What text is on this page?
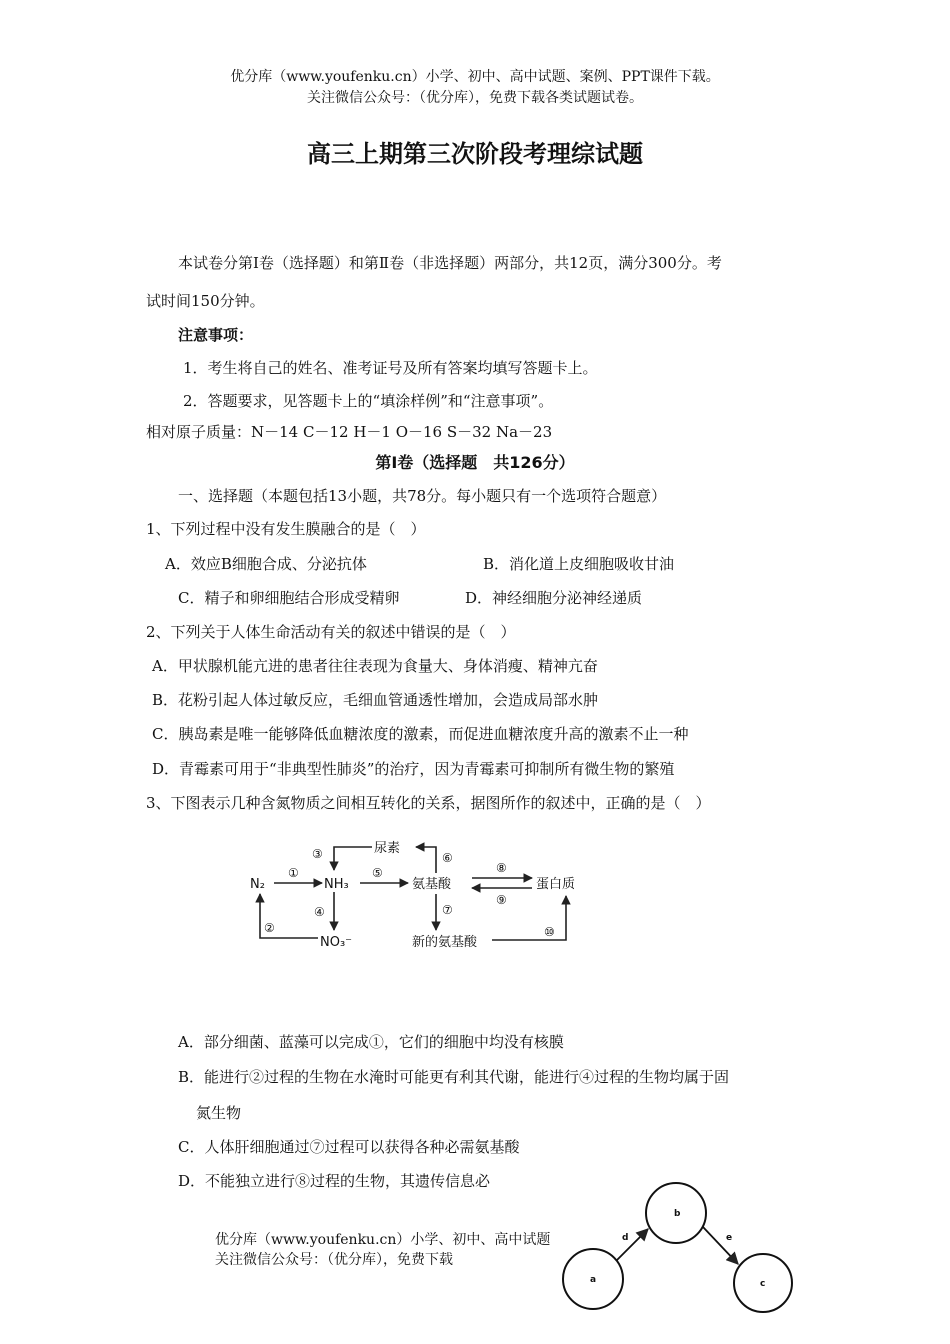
优分库（www.youfenku.cn）小学、初中、高中试题、案例、PPT课件下载。
关注微信公众号：（优分库），免费下载各类试题试卷。
高三上期第三次阶段考理综试题
本试卷分第Ⅰ卷（选择题）和第Ⅱ卷（非选择题）两部分，共12页，满分300分。考
试时间150分钟。
注意事项：
1．考生将自己的姓名、准考证号及所有答案均填写答题卡上。
2．答题要求，见答题卡上的“填涂样例”和“注意事项”。
相对原子质量：N－14 C－12 H－1 O－16 S－32 Na－23
第Ⅰ卷（选择题　共126分）
一、选择题（本题包括13小题，共78分。每小题只有一个选项符合题意）
1、下列过程中没有发生膜融合的是（　）
A．效应B细胞合成、分泌抗体	B．消化道上皮细胞吸收甘油
C．精子和卵细胞结合形成受精卵	D．神经细胞分泌神经递质
2、下列关于人体生命活动有关的叙述中错误的是（　）
A．甲状腺机能亢进的患者往往表现为食量大、身体消瘦、精神亢奋
B．花粉引起人体过敏反应，毛细血管通透性增加，会造成局部水肿
C．胰岛素是唯一能够降低血糖浓度的激素，而促进血糖浓度升高的激素不止一种
D．青霉素可用于“非典型性肺炎”的治疗，因为青霉素可抑制所有微生物的繁殖
3、下图表示几种含氮物质之间相互转化的关系，据图所作的叙述中，正确的是（　）
N₂	NH₃
尿素
氨基酸	蛋白质
NO₃⁻	新的氨基酸
①
②
③
④
⑤
⑥
⑦
⑧
⑨
⑩
A．部分细菌、蓝藻可以完成①，它们的细胞中均没有核膜
B．能进行②过程的生物在水淹时可能更有利其代谢，能进行④过程的生物均属于固
氮生物
C．人体肝细胞通过⑦过程可以获得各种必需氨基酸
D．不能独立进行⑧过程的生物，其遗传信息必
优分库（www.youfenku.cn）小学、初中、高中试题
关注微信公众号：（优分库），免费下载
b
a	c
d	e
